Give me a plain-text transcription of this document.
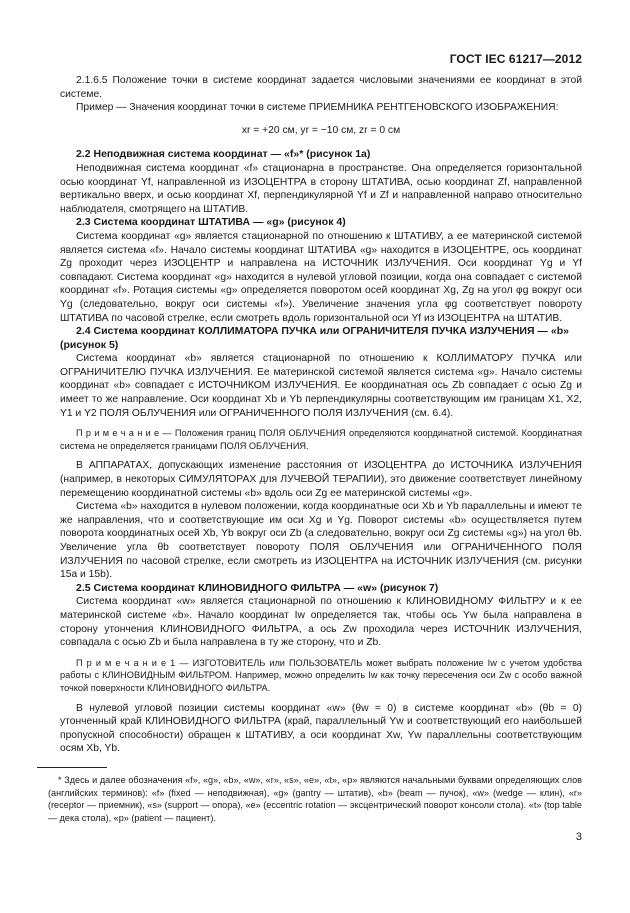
ГОСТ IEC 61217—2012

2.1.6.5 Положение точки в системе координат задается числовыми значениями ее координат в этой системе.

Пример — Значения координат точки в системе ПРИЕМНИКА РЕНТГЕНОВСКОГО ИЗОБРАЖЕНИЯ:

xr = +20 см, yr = −10 см, zr = 0 см

2.2 Неподвижная система координат — «f»* (рисунок 1а)

Неподвижная система координат «f» стационарна в пространстве. Она определяется горизонтальной осью координат Yf, направленной из ИЗОЦЕНТРА в сторону ШТАТИВА, осью координат Zf, направленной вертикально вверх, и осью координат Xf, перпендикулярной Yf и Zf и направленной направо относительно наблюдателя, смотрящего на ШТАТИВ.

2.3 Система координат ШТАТИВА — «g» (рисунок 4)

Система координат «g» является стационарной по отношению к ШТАТИВУ, а ее материнской системой является система «f». Начало системы координат ШТАТИВА «g» находится в ИЗОЦЕНТРЕ, ось координат Zg проходит через ИЗОЦЕНТР и направлена на ИСТОЧНИК ИЗЛУЧЕНИЯ. Оси координат Yg и Yf совпадают. Система координат «g» находится в нулевой угловой позиции, когда она совпадает с системой координат «f». Ротация системы «g» определяется поворотом осей координат Xg, Zg на угол φg вокруг оси Yg (следовательно, вокруг оси системы «f»). Увеличение значения угла φg соответствует повороту ШТАТИВА по часовой стрелке, если смотреть вдоль горизонтальной оси Yf из ИЗОЦЕНТРА на ШТАТИВ.

2.4 Система координат КОЛЛИМАТОРА ПУЧКА или ОГРАНИЧИТЕЛЯ ПУЧКА ИЗЛУЧЕНИЯ — «b» (рисунок 5)

Система координат «b» является стационарной по отношению к КОЛЛИМАТОРУ ПУЧКА или ОГРАНИЧИТЕЛЮ ПУЧКА ИЗЛУЧЕНИЯ. Ее материнской системой является система «g». Начало системы координат «b» совпадает с ИСТОЧНИКОМ ИЗЛУЧЕНИЯ. Ее координатная ось Zb совпадает с осью Zg и имеет то же направление. Оси координат Xb и Yb перпендикулярны соответствующим им границам X1, X2, Y1 и Y2 ПОЛЯ ОБЛУЧЕНИЯ или ОГРАНИЧЕННОГО ПОЛЯ ИЗЛУЧЕНИЯ (см. 6.4).

П р и м е ч а н и е — Положения границ ПОЛЯ ОБЛУЧЕНИЯ определяются координатной системой. Координатная система не определяется границами ПОЛЯ ОБЛУЧЕНИЯ.

В АППАРАТАХ, допускающих изменение расстояния от ИЗОЦЕНТРА до ИСТОЧНИКА ИЗЛУЧЕНИЯ (например, в некоторых СИМУЛЯТОРАХ для ЛУЧЕВОЙ ТЕРАПИИ), это движение соответствует линейному перемещению координатной системы «b» вдоль оси Zg ее материнской системы «g».

Система «b» находится в нулевом положении, когда координатные оси Xb и Yb параллельны и имеют те же направления, что и соответствующие им оси Xg и Yg. Поворот системы «b» осуществляется путем поворота координатных осей Xb, Yb вокруг оси Zb (а следовательно, вокруг оси Zg системы «g») на угол θb. Увеличение угла θb соответствует повороту ПОЛЯ ОБЛУЧЕНИЯ или ОГРАНИЧЕННОГО ПОЛЯ ИЗЛУЧЕНИЯ по часовой стрелке, если смотреть из ИЗОЦЕНТРА на ИСТОЧНИК ИЗЛУЧЕНИЯ (см. рисунки 15а и 15b).

2.5 Система координат КЛИНОВИДНОГО ФИЛЬТРА — «w» (рисунок 7)

Система координат «w» является стационарной по отношению к КЛИНОВИДНОМУ ФИЛЬТРУ и к ее материнской системе «b». Начало координат Iw определяется так, чтобы ось Yw была направлена в сторону утончения КЛИНОВИДНОГО ФИЛЬТРА, а ось Zw проходила через ИСТОЧНИК ИЗЛУЧЕНИЯ, совпадала с осью Zb и была направлена в ту же сторону, что и Zb.

П р и м е ч а н и е 1 — ИЗГОТОВИТЕЛЬ или ПОЛЬЗОВАТЕЛЬ может выбрать положение Iw с учетом удобства работы с КЛИНОВИДНЫМ ФИЛЬТРОМ. Например, можно определить Iw как точку пересечения оси Zw с особо важной точкой поверхности КЛИНОВИДНОГО ФИЛЬТРА.

В нулевой угловой позиции системы координат «w» (θw = 0) в системе координат «b» (θb = 0) утонченный край КЛИНОВИДНОГО ФИЛЬТРА (край, параллельный Yw и соответствующий его наибольшей пропускной способности) обращен к ШТАТИВУ, а оси координат Xw, Yw параллельны соответствующим осям Xb, Yb.

* Здесь и далее обозначения «f», «g», «b», «w», «r», «s», «e», «t», «p» являются начальными буквами определяющих слов (английских терминов): «f» (fixed — неподвижная), «g» (gantry — штатив), «b» (beam — пучок), «w» (wedge — клин), «r» (receptor — приемник), «s» (support — опора), «e» (eccentric rotation — эксцентрический поворот консоли стола). «t» (top table — дека стола), «p» (patient — пациент).

3
